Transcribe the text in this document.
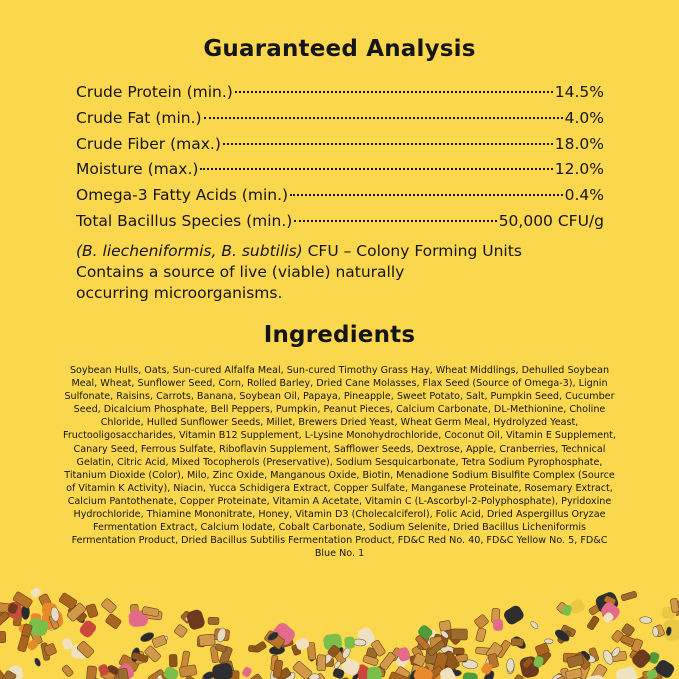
Guaranteed Analysis
Crude Protein (min.)	14.5%
Crude Fat (min.)	4.0%
Crude Fiber (max.)	18.0%
Moisture (max.)	12.0%
Omega-3 Fatty Acids (min.)	0.4%
Total Bacillus Species (min.)	50,000 CFU/g
(B. liecheniformis, B. subtilis) CFU – Colony Forming Units
Contains a source of live (viable) naturally
occurring microorganisms.
Ingredients
Soybean Hulls, Oats, Sun-cured Alfalfa Meal, Sun-cured Timothy Grass Hay, Wheat Middlings, Dehulled Soybean Meal, Wheat, Sunflower Seed, Corn, Rolled Barley, Dried Cane Molasses, Flax Seed (Source of Omega-3), Lignin Sulfonate, Raisins, Carrots, Banana, Soybean Oil, Papaya, Pineapple, Sweet Potato, Salt, Pumpkin Seed, Cucumber Seed, Dicalcium Phosphate, Bell Peppers, Pumpkin, Peanut Pieces, Calcium Carbonate, DL-Methionine, Choline Chloride, Hulled Sunflower Seeds, Millet, Brewers Dried Yeast, Wheat Germ Meal, Hydrolyzed Yeast, Fructooligosaccharides, Vitamin B12 Supplement, L-Lysine Monohydrochloride, Coconut Oil, Vitamin E Supplement, Canary Seed, Ferrous Sulfate, Riboflavin Supplement, Safflower Seeds, Dextrose, Apple, Cranberries, Technical Gelatin, Citric Acid, Mixed Tocopherols (Preservative), Sodium Sesquicarbonate, Tetra Sodium Pyrophosphate, Titanium Dioxide (Color), Milo, Zinc Oxide, Manganous Oxide, Biotin, Menadione Sodium Bisulfite Complex (Source of Vitamin K Activity), Niacin, Yucca Schidigera Extract, Copper Sulfate, Manganese Proteinate, Rosemary Extract, Calcium Pantothenate, Copper Proteinate, Vitamin A Acetate, Vitamin C (L-Ascorbyl-2-Polyphosphate), Pyridoxine Hydrochloride, Thiamine Mononitrate, Honey, Vitamin D3 (Cholecalciferol), Folic Acid, Dried Aspergillus Oryzae Fermentation Extract, Calcium Iodate, Cobalt Carbonate, Sodium Selenite, Dried Bacillus Licheniformis Fermentation Product, Dried Bacillus Subtilis Fermentation Product, FD&C Red No. 40, FD&C Yellow No. 5, FD&C Blue No. 1
